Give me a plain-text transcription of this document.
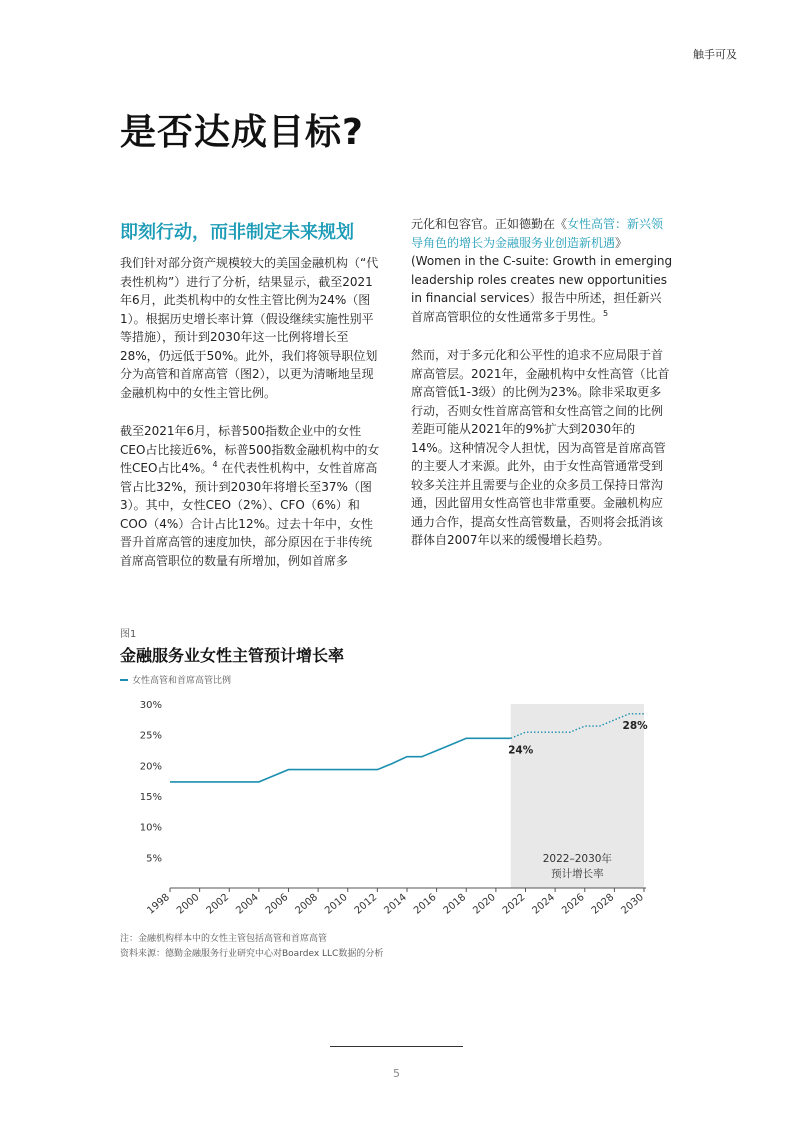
触手可及
是否达成目标?
即刻行动，而非制定未来规划

我们针对部分资产规模较大的美国金融机构（“代表性机构”）进行了分析，结果显示，截至2021年6月，此类机构中的女性主管比例为24%（图1）。根据历史增长率计算（假设继续实施性别平等措施），预计到2030年这一比例将增长至28%，仍远低于50%。此外，我们将领导职位划分为高管和首席高管（图2），以更为清晰地呈现金融机构中的女性主管比例。

截至2021年6月，标普500指数企业中的女性CEO占比接近6%，标普500指数金融机构中的女性CEO占比4%。$^4$ 在代表性机构中，女性首席高管占比32%，预计到2030年将增长至37%（图3）。其中，女性CEO（2%）、CFO（6%）和COO（4%）合计占比12%。过去十年中，女性晋升首席高管的速度加快，部分原因在于非传统首席高管职位的数量有所增加，例如首席多

元化和包容官。正如德勤在《女性高管：新兴领导角色的增长为金融服务业创造新机遇》(Women in the C-suite: Growth in emerging leadership roles creates new opportunities in financial services）报告中所述，担任新兴首席高管职位的女性通常多于男性。$^5$

然而，对于多元化和公平性的追求不应局限于首席高管层。2021年，金融机构中女性高管（比首席高管低1-3级）的比例为23%。除非采取更多行动，否则女性首席高管和女性高管之间的比例差距可能从2021年的9%扩大到2030年的14%。这种情况令人担忧，因为高管是首席高管的主要人才来源。此外，由于女性高管通常受到较多关注并且需要与企业的众多员工保持日常沟通，因此留用女性高管也非常重要。金融机构应通力合作，提高女性高管数量，否则将会抵消该群体自2007年以来的缓慢增长趋势。

图1
金融服务业女性主管预计增长率
女性高管和首席高管比例
2022–2030年
预计增长率
5%
10%
15%
20%
25%
30%
1998 2000 2002 2004 2006 2008 2010 2012 2014 2016 2018 2020 2022 2024 2026 2028 2030
24%
28%
注：金融机构样本中的女性主管包括高管和首席高管
资料来源：德勤金融服务行业研究中心对Boardex LLC数据的分析
5
